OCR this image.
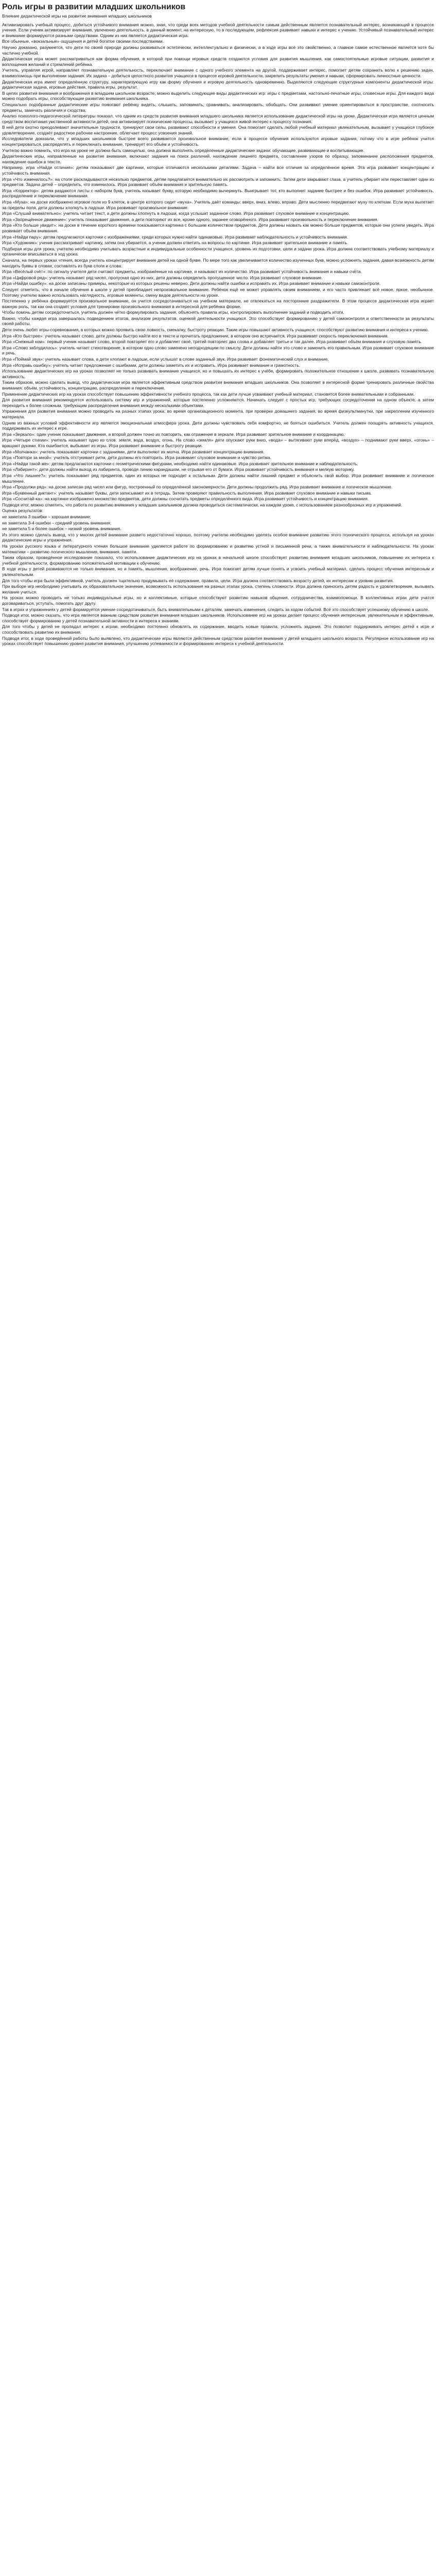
Роль игры в развитии младших школьников
Влияние дидактической игры на развитие внимания младших школьников

Активизировать учебный процесс, добиться устойчивого внимания можно, зная, что среди всех методов учебной деятельности самым действенным является познавательный интерес, возникающий в процессе учения. Если ученик активизирует внимание, увлеченно деятельность, в данный момент, на интересную, то в последующем, рефлексия развивает навыки и интерес к учению. Устойчивый познавательный интерес и внимание формируются разными средствами. Одним из них является дидактическая игра.

Все обычные, «вокзальные» ощущения и детей богатое своими последствиями.

Научно доказано, разумеется, что дети по своей природе должны развиваться эстетически, интеллектуально и физически, а в ходе игры всё это свойственно, а главное самое естественное является хотя бы частично учебной.

Дидактическая игра может рассматриваться как форма обучения, в которой при помощи игровых средств создаются условия для развития мышления, как самостоятельные игровые ситуации, развития и воплощения желаний и стремлений ребёнка.

Учитель, управляя игрой, направляет познавательную деятельность, переключает внимание с одного учебного элемента на другой, поддерживает интерес, помогает детям сохранить волю к решению задач, взаимопомощь при выполнении задания. Их задача – добиться целостного развития учащихся в процессе игровой деятельности, закрепить результаты умения и навыки, сформировать личностные ценности.

Дидактическая игра имеет определённую структуру, характеризующую игру как форму обучения и игровую деятельность одновременно. Выделяются следующие структурные компоненты дидактической игры: дидактическая задача, игровые действия, правила игры, результат.

В целях развития внимания и воображения в младшем школьном возрасте, можно выделить следующие виды дидактических игр: игры с предметами, настольно-печатные игры, словесные игры. Для каждого вида можно подобрать игры, способствующие развитию внимания школьника.

Специально подобранные дидактические игры помогают ребёнку видеть, слышать, запоминать, сравнивать, анализировать, обобщать. Они развивают умение ориентироваться в пространстве, соотносить предметы, замечать различия и сходства.

Анализ психолого-педагогической литературы показал, что одним из средств развития внимания младшего школьника является использование дидактической игры на уроке. Дидактическая игра является ценным средством воспитания умственной активности детей, она активизирует психические процессы, вызывает у учащихся живой интерес к процессу познания.

В ней дети охотно преодолевают значительные трудности, тренируют свои силы, развивают способности и умения. Она помогает сделать любой учебный материал увлекательным, вызывает у учащихся глубокое удовлетворение, создаёт радостное рабочее настроение, облегчает процесс усвоения знаний.

Исследователи доказали, что у младших школьников быстрее всего развивается произвольное внимание, если в процессе обучения используются игровые задания, потому что в игре ребёнок учится концентрироваться, распределять и переключать внимание, тренирует его объём и устойчивость.

Учителю важно помнить, что игра на уроке не должна быть самоцелью, она должна выполнять определённые дидактические задачи: обучающие, развивающие и воспитывающие.

Дидактические игры, направленные на развитие внимания, включают задания на поиск различий, нахождение лишнего предмета, составление узоров по образцу, запоминание расположения предметов, нахождение ошибок в тексте.

Например, игра «Найди отличия»: детям показывают две картинки, которые отличаются несколькими деталями. Задача – найти все отличия за определённое время. Эта игра развивает концентрацию и устойчивость внимания.

Игра «Что изменилось?»: на столе раскладываются несколько предметов, детям предлагается внимательно их рассмотреть и запомнить. Затем дети закрывают глаза, а учитель убирает или переставляет один из предметов. Задача детей – определить, что изменилось. Игра развивает объём внимания и зрительную память.

Игра «Корректор»: детям раздаются листы с набором букв, учитель называет букву, которую необходимо вычеркнуть. Выигрывает тот, кто выполнит задание быстрее и без ошибок. Игра развивает устойчивость, распределение и переключение внимания.

Игра «Муха»: на доске изображено игровое поле из 9 клеток, в центре которого сидит «муха». Учитель даёт команды: вверх, вниз, влево, вправо. Дети мысленно передвигают муху по клеткам. Если муха вылетает за пределы поля, дети должны хлопнуть в ладоши. Игра развивает произвольное внимание.

Игра «Слушай внимательно»: учитель читает текст, а дети должны хлопнуть в ладоши, когда услышат заданное слово. Игра развивает слуховое внимание и концентрацию.

Игра «Запрещённое движение»: учитель показывает движения, а дети повторяют их все, кроме одного, заранее оговорённого. Игра развивает произвольность и переключение внимания.

Игра «Кто больше увидит»: на доске в течение короткого времени показывается картинка с большим количеством предметов. Дети должны назвать как можно больше предметов, которые они успели увидеть. Игра развивает объём внимания.

Игра «Найди пару»: детям предлагаются карточки с изображениями, среди которых нужно найти одинаковые. Игра развивает наблюдательность и устойчивость внимания.

Игра «Художник»: ученик рассматривает картинку, затем она убирается, а ученик должен ответить на вопросы по картинке. Игра развивает зрительное внимание и память.

Подбирая игры для урока, учителю необходимо учитывать возрастные и индивидуальные особенности учащихся, уровень их подготовки, цели и задачи урока. Игра должна соответствовать учебному материалу и органически вписываться в ход урока.

Сначала, на первых уроках чтения, всегда учитель концентрирует внимание детей на одной букве. По мере того как увеличивается количество изученных букв, можно усложнять задания, давая возможность детям находить буквы в словах, составлять из букв слоги и слова.

Игра «Весёлый счёт»: по сигналу учителя дети считают предметы, изображённые на картинке, и называют их количество. Игра развивает устойчивость внимания и навыки счёта.

Игра «Цифровой ряд»: учитель называет ряд чисел, пропуская одно из них, дети должны определить пропущенное число. Игра развивает слуховое внимание.

Игра «Найди ошибку»: на доске записаны примеры, некоторые из которых решены неверно. Дети должны найти ошибки и исправить их. Игра развивает внимание и навыки самоконтроля.

Следует отметить, что в начале обучения в школе у детей преобладает непроизвольное внимание. Ребёнок ещё не может управлять своим вниманием, и его часто привлекает всё новое, яркое, необычное. Поэтому учителю важно использовать наглядность, игровые моменты, смену видов деятельности на уроке.

Постепенно у ребёнка формируется произвольное внимание, он учится сосредотачиваться на учебном материале, не отвлекаться на посторонние раздражители. В этом процессе дидактическая игра играет важную роль, так как она создаёт условия для тренировки произвольного внимания в интересной для ребёнка форме.

Чтобы помочь детям сосредоточиться, учитель должен чётко формулировать задания, объяснять правила игры, контролировать выполнение заданий и подводить итоги.

Важно, чтобы каждая игра завершалась подведением итогов, анализом результатов, оценкой деятельности учащихся. Это способствует формированию у детей самоконтроля и ответственности за результаты своей работы.

Дети очень любят игры-соревнования, в которых можно проявить свою ловкость, смекалку, быстроту реакции. Такие игры повышают активность учащихся, способствуют развитию внимания и интереса к учению.

Игра «Кто быстрее»: учитель называет слово, дети должны быстро найти его в тексте и прочитать предложение, в котором оно встречается. Игра развивает скорость переключения внимания.

Игра «Снежный ком»: первый ученик называет слово, второй повторяет его и добавляет своё, третий повторяет два слова и добавляет третье и так далее. Игра развивает объём внимания и слуховую память.

Игра «Слово заблудилось»: учитель читает стихотворение, в котором одно слово заменено неподходящим по смыслу. Дети должны найти это слово и заменить его правильным. Игра развивает слуховое внимание и речь.

Игра «Поймай звук»: учитель называет слова, а дети хлопают в ладоши, если услышат в слове заданный звук. Игра развивает фонематический слух и внимание.

Игра «Исправь ошибку»: учитель читает предложения с ошибками, дети должны заметить их и исправить. Игра развивает внимание и грамотность.

Использование дидактических игр на уроках позволяет не только развивать внимание учащихся, но и повышать их интерес к учёбе, формировать положительное отношение к школе, развивать познавательную активность.

Таким образом, можно сделать вывод, что дидактическая игра является эффективным средством развития внимания младших школьников. Она позволяет в интересной форме тренировать различные свойства внимания: объём, устойчивость, концентрацию, распределение и переключение.

Применение дидактических игр на уроках способствует повышению эффективности учебного процесса, так как дети лучше усваивают учебный материал, становятся более внимательными и собранными.

Для развития внимания рекомендуется использовать систему игр и упражнений, которые постепенно усложняются. Начинать следует с простых игр, требующих сосредоточения на одном объекте, а затем переходить к более сложным, требующим распределения внимания между несколькими объектами.

Упражнения для развития внимания можно проводить на разных этапах урока: во время организационного момента, при проверке домашнего задания, во время физкультминутки, при закреплении изученного материала.

Одним из важных условий эффективности игр является эмоциональная атмосфера урока. Дети должны чувствовать себя комфортно, не бояться ошибиться. Учитель должен поощрять активность учащихся, поддерживать их интерес к игре.

Игра «Зеркало»: один ученик показывает движения, а второй должен точно их повторить, как отражение в зеркале. Игра развивает зрительное внимание и координацию.

Игра «Четыре стихии»: учитель называет одно из слов: земля, вода, воздух, огонь. На слово «земля» дети опускают руки вниз, «вода» – вытягивают руки вперёд, «воздух» – поднимают руки вверх, «огонь» – вращают руками. Кто ошибается, выбывает из игры. Игра развивает внимание и быстроту реакции.

Игра «Молчанка»: учитель показывает карточки с заданиями, дети выполняют их молча. Игра развивает концентрацию внимания.

Игра «Повтори за мной»: учитель отстукивает ритм, дети должны его повторить. Игра развивает слуховое внимание и чувство ритма.

Игра «Найди такой же»: детям предлагаются карточки с геометрическими фигурами, необходимо найти одинаковые. Игра развивает зрительное внимание и наблюдательность.

Игра «Лабиринт»: дети должны найти выход из лабиринта, проводя линию карандашом, не отрывая его от бумаги. Игра развивает устойчивость внимания и мелкую моторику.

Игра «Что лишнее?»: учитель показывает ряд предметов, один из которых не подходит к остальным. Дети должны найти лишний предмет и объяснить свой выбор. Игра развивает внимание и логическое мышление.

Игра «Продолжи ряд»: на доске записан ряд чисел или фигур, построенный по определённой закономерности. Дети должны продолжить ряд. Игра развивает внимание и логическое мышление.

Игра «Буквенный диктант»: учитель называет буквы, дети записывают их в тетрадь. Затем проверяют правильность выполнения. Игра развивает слуховое внимание и навыки письма.

Игра «Сосчитай-ка»: на картинке изображено множество предметов, дети должны сосчитать предметы определённого вида. Игра развивает устойчивость и концентрацию внимания.

Подводя итог, можно отметить, что работа по развитию внимания у младших школьников должна проводиться систематически, на каждом уроке, с использованием разнообразных игр и упражнений.

Оценка результатов:

не заметила 3 ошибки – хорошая внимание;

не заметила 3-4 ошибки – средний уровень внимания;

не заметила 5 и более ошибок – низкий уровень внимания.

Из этого можно сделать вывод, что у многих детей внимание развито недостаточно хорошо, поэтому учителю необходимо уделять особое внимание развитию этого психического процесса, используя на уроках дидактические игры и упражнения.

На уроках русского языка и литературного чтения большое внимание уделяется работе по формированию и развитию устной и письменной речи, а также внимательности и наблюдательности. На уроках математики – развитию логического мышления, внимания, памяти.

Таким образом, проведённое исследование показало, что использование дидактических игр на уроках в начальной школе способствует развитию внимания младших школьников, повышению их интереса к учебной деятельности, формированию положительной мотивации к обучению.

В ходе игры у детей развиваются не только внимание, но и память, мышление, воображение, речь. Игра помогает детям лучше понять и усвоить учебный материал, сделать процесс обучения интересным и увлекательным.

Для того чтобы игра была эффективной, учитель должен тщательно продумывать её содержание, правила, цели. Игра должна соответствовать возрасту детей, их интересам и уровню развития.

При выборе игр необходимо учитывать их образовательное значение, возможность использования на разных этапах урока, степень сложности. Игра должна приносить детям радость и удовлетворение, вызывать желание учиться.

На уроках можно проводить не только индивидуальные игры, но и коллективные, которые способствуют развитию навыков общения, сотрудничества, взаимопомощи. В коллективных играх дети учатся договариваться, уступать, помогать друг другу.

Так в играх и упражнениях у детей формируется умение сосредотачиваться, быть внимательными к деталям, замечать изменения, следить за ходом событий. Всё это способствует успешному обучению в школе.

Подводя итог, можно сказать, что игра является важным средством развития внимания младших школьников. Использование игр на уроках делает процесс обучения интересным, увлекательным и эффективным, способствует формированию у детей познавательной активности и интереса к знаниям.

Для того чтобы у детей не пропадал интерес к играм, необходимо постоянно обновлять их содержание, вводить новые правила, усложнять задания. Это позволит поддерживать интерес детей к игре и способствовать развитию их внимания.

Подводя итог, в ходе проведённой работы было выявлено, что дидактические игры являются действенным средством развития внимания у детей младшего школьного возраста. Регулярное использование игр на уроках способствует повышению уровня развития внимания, улучшению успеваемости и формированию интереса к учебной деятельности.
